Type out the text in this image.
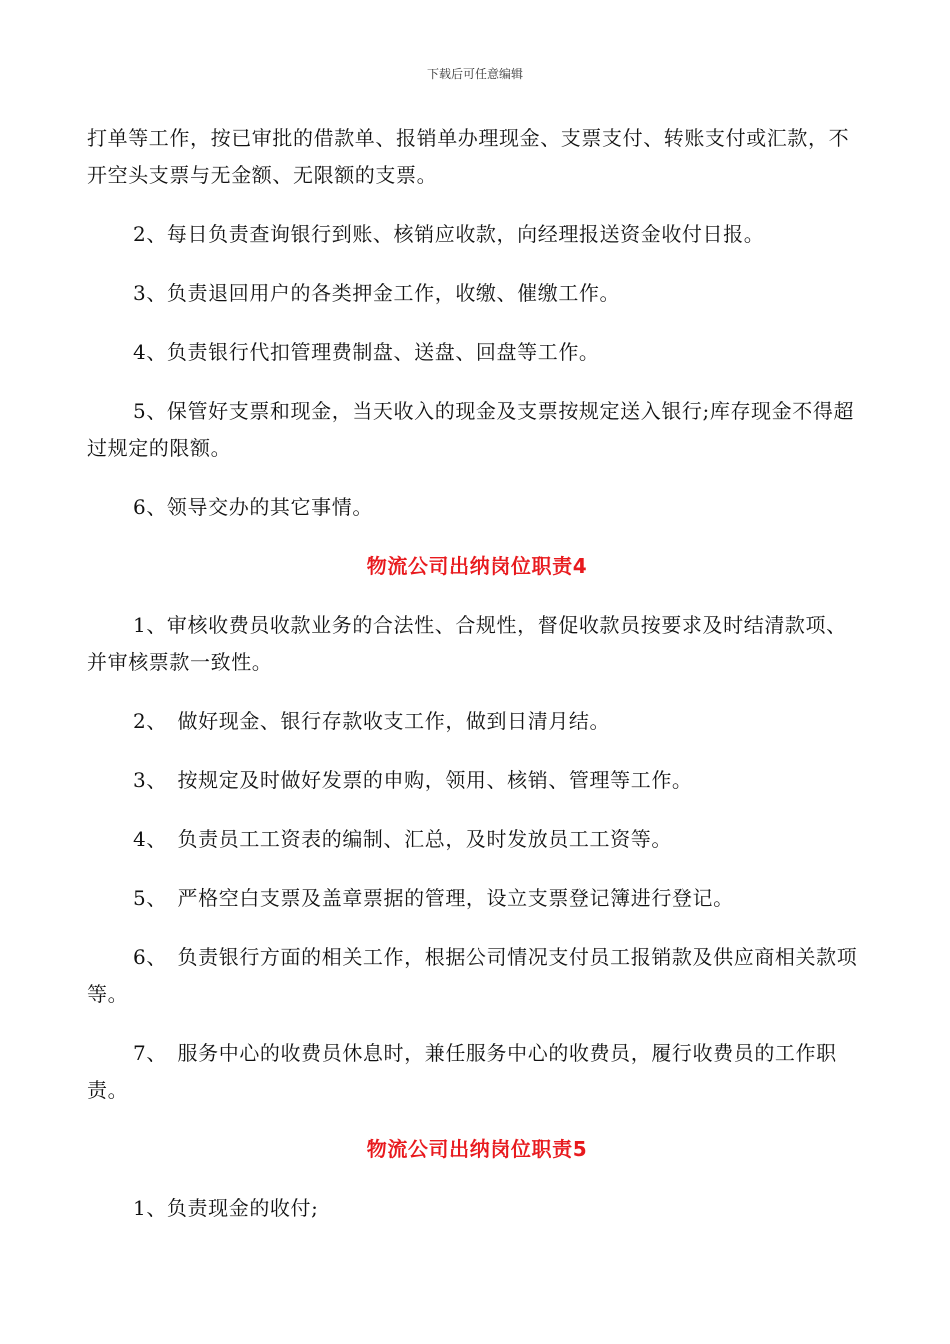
下载后可任意编辑

打单等工作，按已审批的借款单、报销单办理现金、支票支付、转账支付或汇款，不开空头支票与无金额、无限额的支票。

2、每日负责查询银行到账、核销应收款，向经理报送资金收付日报。

3、负责退回用户的各类押金工作，收缴、催缴工作。

4、负责银行代扣管理费制盘、送盘、回盘等工作。

5、保管好支票和现金，当天收入的现金及支票按规定送入银行;库存现金不得超过规定的限额。

6、领导交办的其它事情。

物流公司出纳岗位职责4

1、审核收费员收款业务的合法性、合规性，督促收款员按要求及时结清款项、并审核票款一致性。

2、　做好现金、银行存款收支工作，做到日清月结。

3、　按规定及时做好发票的申购，领用、核销、管理等工作。

4、　负责员工工资表的编制、汇总，及时发放员工工资等。

5、　严格空白支票及盖章票据的管理，设立支票登记簿进行登记。

6、　负责银行方面的相关工作，根据公司情况支付员工报销款及供应商相关款项等。

7、　服务中心的收费员休息时，兼任服务中心的收费员，履行收费员的工作职责。

物流公司出纳岗位职责5

1、负责现金的收付;
